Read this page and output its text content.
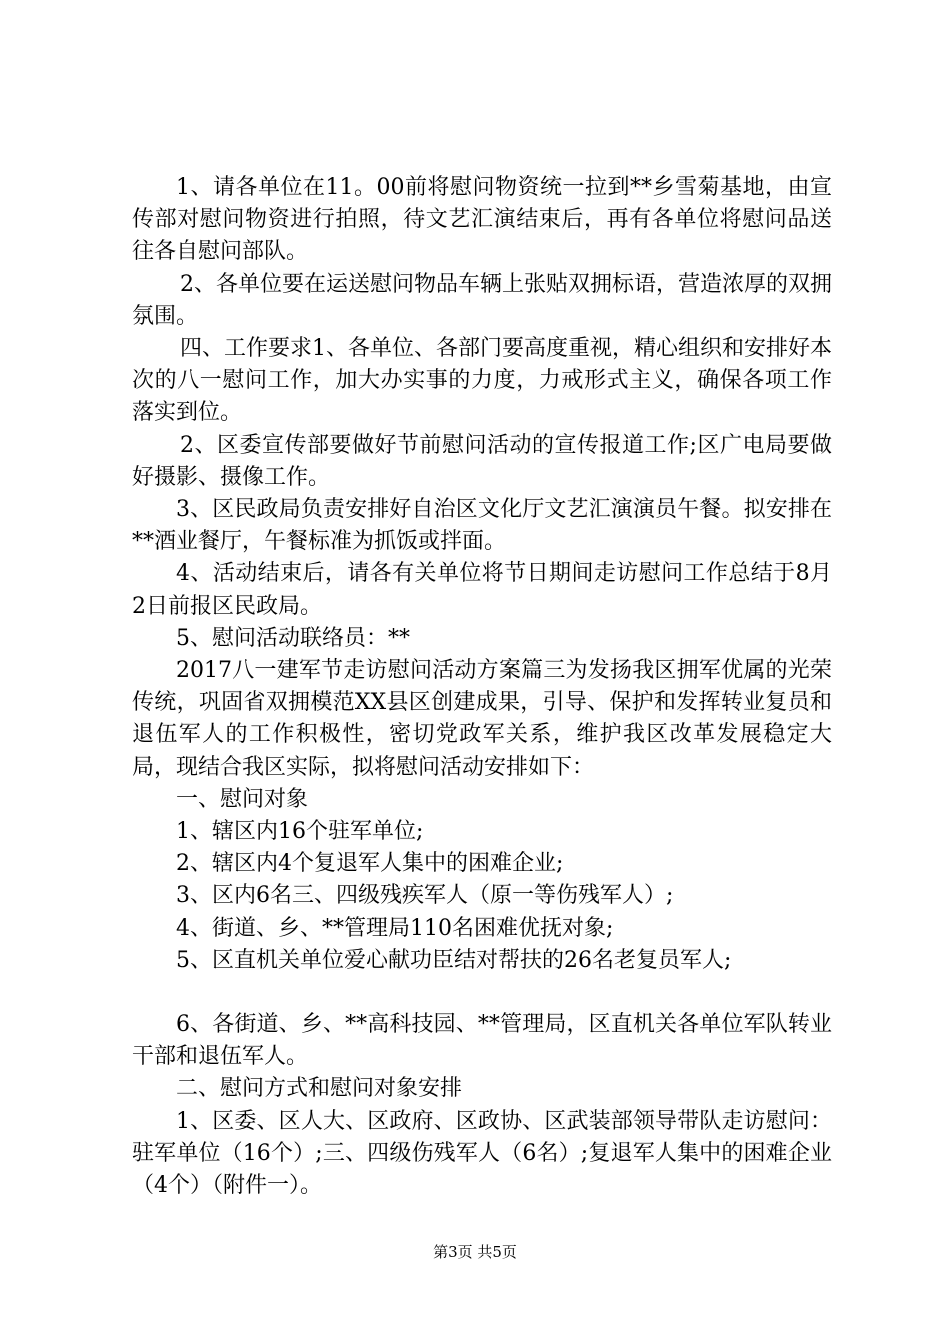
1、请各单位在11。00前将慰问物资统一拉到**乡雪菊基地，由宣传部对慰问物资进行拍照，待文艺汇演结束后，再有各单位将慰问品送往各自慰问部队。

2、各单位要在运送慰问物品车辆上张贴双拥标语，营造浓厚的双拥氛围。

四、工作要求1、各单位、各部门要高度重视，精心组织和安排好本次的八一慰问工作，加大办实事的力度，力戒形式主义，确保各项工作落实到位。

2、区委宣传部要做好节前慰问活动的宣传报道工作;区广电局要做好摄影、摄像工作。

3、区民政局负责安排好自治区文化厅文艺汇演演员午餐。拟安排在**酒业餐厅，午餐标准为抓饭或拌面。

4、活动结束后，请各有关单位将节日期间走访慰问工作总结于8月2日前报区民政局。

5、慰问活动联络员：**

2017八一建军节走访慰问活动方案篇三为发扬我区拥军优属的光荣传统，巩固省双拥模范XX县区创建成果，引导、保护和发挥转业复员和退伍军人的工作积极性，密切党政军关系，维护我区改革发展稳定大局，现结合我区实际，拟将慰问活动安排如下：

一、慰问对象

1、辖区内16个驻军单位;

2、辖区内4个复退军人集中的困难企业;

3、区内6名三、四级残疾军人（原一等伤残军人）;

4、街道、乡、**管理局110名困难优抚对象;

5、区直机关单位爱心献功臣结对帮扶的26名老复员军人;

6、各街道、乡、**高科技园、**管理局，区直机关各单位军队转业干部和退伍军人。

二、慰问方式和慰问对象安排

1、区委、区人大、区政府、区政协、区武装部领导带队走访慰问：驻军单位（16个）;三、四级伤残军人（6名）;复退军人集中的困难企业（4个）（附件一）。

第3页 共5页
